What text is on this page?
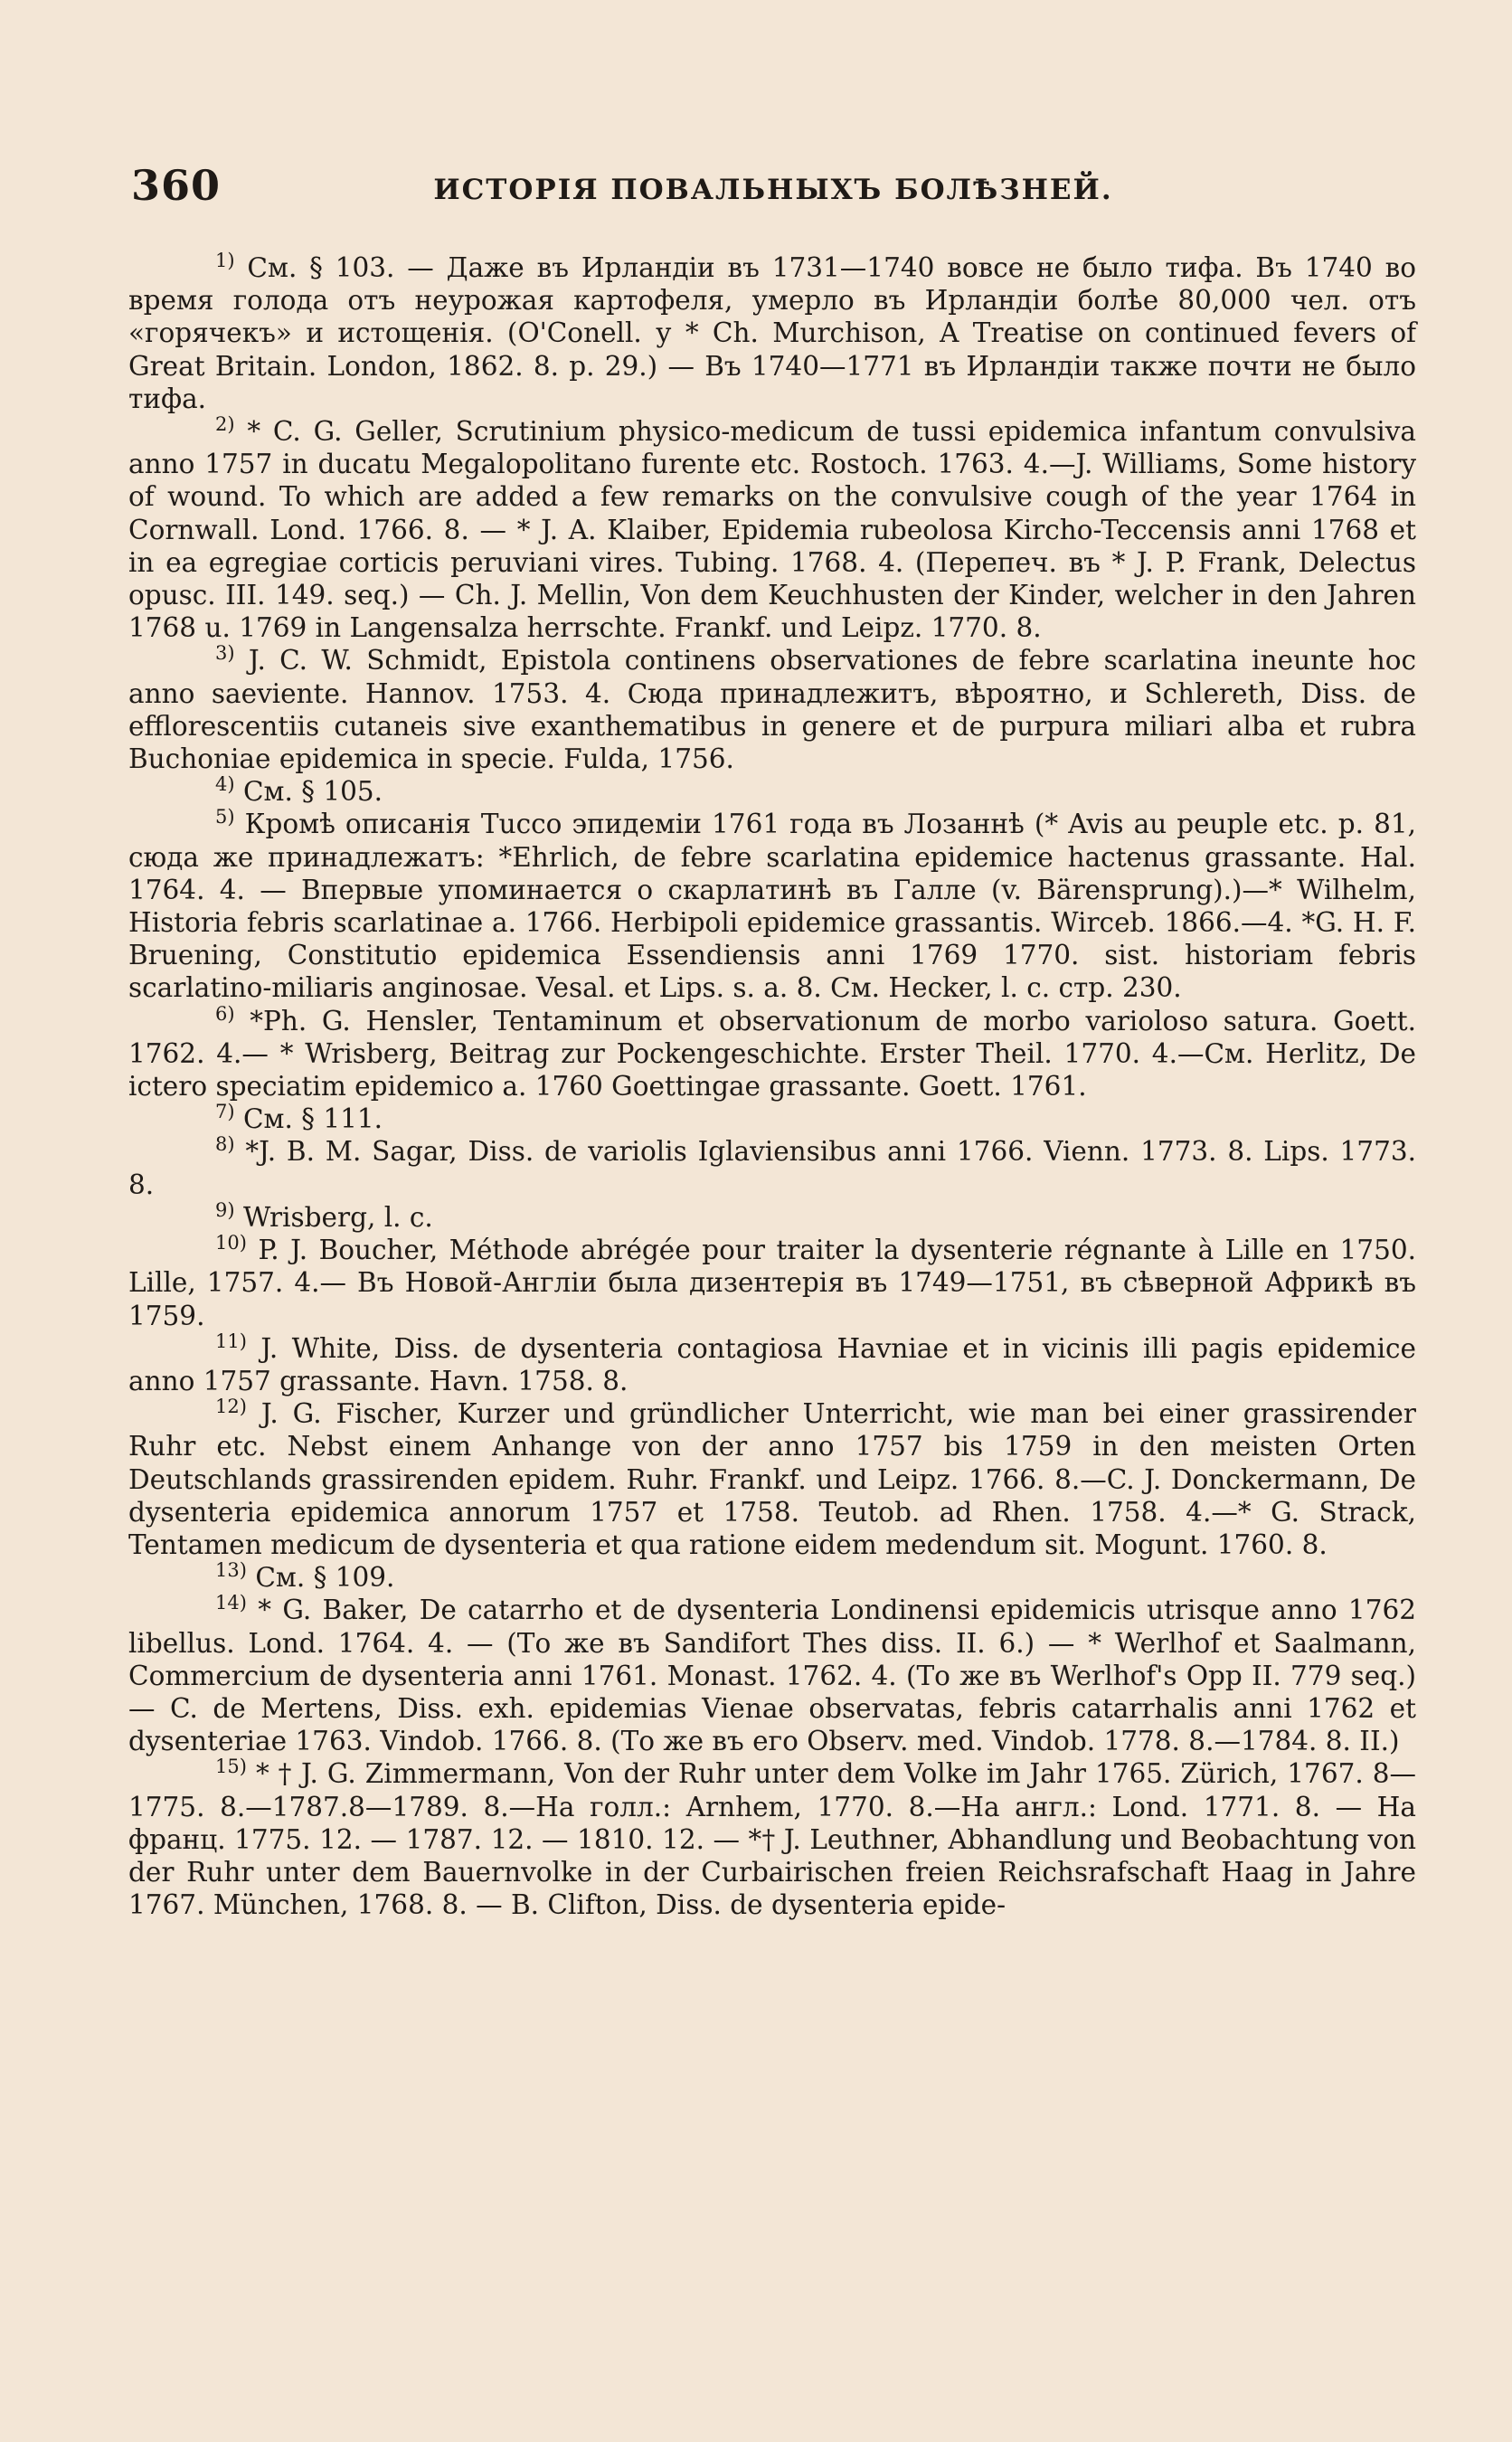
360	ИСТОРІЯ ПОВАЛЬНЫХЪ БОЛѢЗНЕЙ.

$^{1)}$ См. § 103. — Даже въ Ирландіи въ 1731—1740 вовсе не было тифа. Въ 1740 во время голода отъ неурожая картофеля, умерло въ Ирландіи болѣе 80,000 чел. отъ «горячекъ» и истощенія. (O'Conell. у * Ch. Murchison, A Treatise on continued fevers of Great Britain. London, 1862. 8. p. 29.) — Въ 1740—1771 въ Ирландіи также почти не было тифа.

$^{2)}$ * C. G. Geller, Scrutinium physico-medicum de tussi epidemica infantum convulsiva anno 1757 in ducatu Megalopolitano furente etc. Rostoch. 1763. 4.—J. Williams, Some history of wound. To which are added a few remarks on the convulsive cough of the year 1764 in Cornwall. Lond. 1766. 8. — * J. A. Klaiber, Epidemia rubeolosa Kircho-Teccensis anni 1768 et in ea egregiae corticis peruviani vires. Tubing. 1768. 4. (Перепеч. въ * J. P. Frank, Delectus opusc. III. 149. seq.) — Ch. J. Mellin, Von dem Keuchhusten der Kinder, welcher in den Jahren 1768 u. 1769 in Langensalza herrschte. Frankf. und Leipz. 1770. 8.

$^{3)}$ J. C. W. Schmidt, Epistola continens observationes de febre scarlatina ineunte hoc anno saeviente. Hannov. 1753. 4. Сюда принадлежитъ, вѣроятно, и Schlereth, Diss. de efflorescentiis cutaneis sive exanthematibus in genere et de purpura miliari alba et rubra Buchoniae epidemica in specie. Fulda, 1756.

$^{4)}$ См. § 105.

$^{5)}$ Кромѣ описанія Tucco эпидеміи 1761 года въ Лозаннѣ (* Avis au peuple etc. p. 81, сюда же принадлежатъ: *Ehrlich, de febre scarlatina epidemice hactenus grassante. Hal. 1764. 4. — Впервые упоминается о скарлатинѣ въ Галле (v. Bärensprung).)—* Wilhelm, Historia febris scarlatinae a. 1766. Herbipoli epidemice grassantis. Wirceb. 1866.—4. *G. H. F. Bruening, Constitutio epidemica Essendiensis anni 1769 1770. sist. historiam febris scarlatino-miliaris anginosae. Vesal. et Lips. s. a. 8. См. Hecker, l. c. стр. 230.

$^{6)}$ *Ph. G. Hensler, Tentaminum et observationum de morbo varioloso satura. Goett. 1762. 4.— * Wrisberg, Beitrag zur Pockengeschichte. Erster Theil. 1770. 4.—См. Herlitz, De ictero speciatim epidemico a. 1760 Goettingae grassante. Goett. 1761.

$^{7)}$ См. § 111.

$^{8)}$ *J. B. M. Sagar, Diss. de variolis Iglaviensibus anni 1766. Vienn. 1773. 8. Lips. 1773. 8.

$^{9)}$ Wrisberg, l. c.

$^{10)}$ P. J. Boucher, Méthode abrégée pour traiter la dysenterie régnante à Lille en 1750. Lille, 1757. 4.— Въ Новой-Англіи была дизентерія въ 1749—1751, въ сѣверной Африкѣ въ 1759.

$^{11)}$ J. White, Diss. de dysenteria contagiosa Havniae et in vicinis illi pagis epidemice anno 1757 grassante. Havn. 1758. 8.

$^{12)}$ J. G. Fischer, Kurzer und gründlicher Unterricht, wie man bei einer grassirender Ruhr etc. Nebst einem Anhange von der anno 1757 bis 1759 in den meisten Orten Deutschlands grassirenden epidem. Ruhr. Frankf. und Leipz. 1766. 8.—C. J. Donckermann, De dysenteria epidemica annorum 1757 et 1758. Teutob. ad Rhen. 1758. 4.—* G. Strack, Tentamen medicum de dysenteria et qua ratione eidem medendum sit. Mogunt. 1760. 8.

$^{13)}$ См. § 109.

$^{14)}$ * G. Baker, De catarrho et de dysenteria Londinensi epidemicis utrisque anno 1762 libellus. Lond. 1764. 4. — (То же въ Sandifort Thes diss. II. 6.) — * Werlhof et Saalmann, Commercium de dysenteria anni 1761. Monast. 1762. 4. (То же въ Werlhof's Opp II. 779 seq.)— C. de Mertens, Diss. exh. epidemias Vienae observatas, febris catarrhalis anni 1762 et dysenteriae 1763. Vindob. 1766. 8. (То же въ его Observ. med. Vindob. 1778. 8.—1784. 8. II.)

$^{15)}$ * † J. G. Zimmermann, Von der Ruhr unter dem Volke im Jahr 1765. Zürich, 1767. 8—1775. 8.—1787.8—1789. 8.—На голл.: Arnhem, 1770. 8.—На англ.: Lond. 1771. 8. — На франц. 1775. 12. — 1787. 12. — 1810. 12. — *† J. Leuthner, Abhandlung und Beobachtung von der Ruhr unter dem Bauernvolke in der Curbairischen freien Reichsrafschaft Haag in Jahre 1767. München, 1768. 8. — B. Clifton, Diss. de dysenteria epide-
